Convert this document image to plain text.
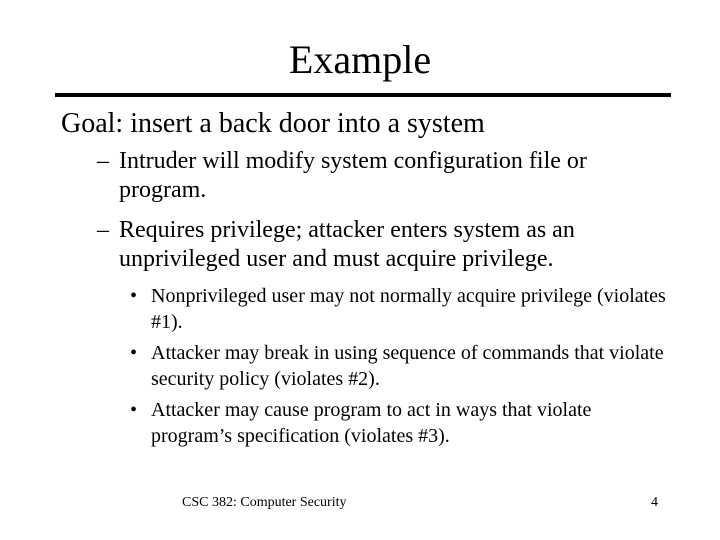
Example
Goal: insert a back door into a system
– Intruder will modify system configuration file or program.
– Requires privilege; attacker enters system as an unprivileged user and must acquire privilege.
• Nonprivileged user may not normally acquire privilege (violates #1).
• Attacker may break in using sequence of commands that violate security policy (violates #2).
• Attacker may cause program to act in ways that violate program’s specification (violates #3).
CSC 382: Computer Security	4
